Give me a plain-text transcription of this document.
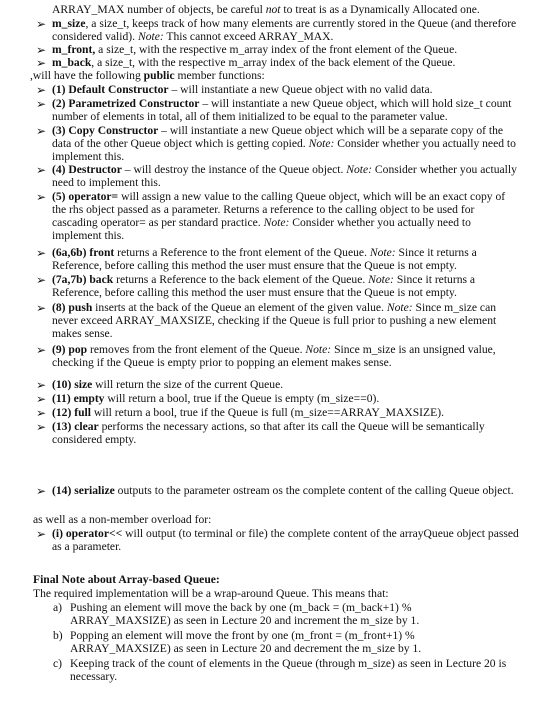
ARRAY_MAX number of objects, be careful not to treat is as a Dynamically Allocated one.
➢ m_size, a size_t, keeps track of how many elements are currently stored in the Queue (and therefore considered valid). Note: This cannot exceed ARRAY_MAX.
➢ m_front, a size_t, with the respective m_array index of the front element of the Queue.
➢ m_back, a size_t, with the respective m_array index of the back element of the Queue.
,will have the following public member functions:
➢ (1) Default Constructor – will instantiate a new Queue object with no valid data.
➢ (2) Parametrized Constructor – will instantiate a new Queue object, which will hold size_t count number of elements in total, all of them initialized to be equal to the parameter value.
➢ (3) Copy Constructor – will instantiate a new Queue object which will be a separate copy of the data of the other Queue object which is getting copied. Note: Consider whether you actually need to implement this.
➢ (4) Destructor – will destroy the instance of the Queue object. Note: Consider whether you actually need to implement this.
➢ (5) operator= will assign a new value to the calling Queue object, which will be an exact copy of the rhs object passed as a parameter. Returns a reference to the calling object to be used for cascading operator= as per standard practice. Note: Consider whether you actually need to implement this.
➢ (6a,6b) front returns a Reference to the front element of the Queue. Note: Since it returns a Reference, before calling this method the user must ensure that the Queue is not empty.
➢ (7a,7b) back returns a Reference to the back element of the Queue. Note: Since it returns a Reference, before calling this method the user must ensure that the Queue is not empty.
➢ (8) push inserts at the back of the Queue an element of the given value. Note: Since m_size can never exceed ARRAY_MAXSIZE, checking if the Queue is full prior to pushing a new element makes sense.
➢ (9) pop removes from the front element of the Queue. Note: Since m_size is an unsigned value, checking if the Queue is empty prior to popping an element makes sense.
➢ (10) size will return the size of the current Queue.
➢ (11) empty will return a bool, true if the Queue is empty (m_size==0).
➢ (12) full will return a bool, true if the Queue is full (m_size==ARRAY_MAXSIZE).
➢ (13) clear performs the necessary actions, so that after its call the Queue will be semantically considered empty.
➢ (14) serialize outputs to the parameter ostream os the complete content of the calling Queue object.
as well as a non-member overload for:
➢ (i) operator<< will output (to terminal or file) the complete content of the arrayQueue object passed as a parameter.
Final Note about Array-based Queue:
The required implementation will be a wrap-around Queue. This means that:
a) Pushing an element will move the back by one (m_back = (m_back+1) % ARRAY_MAXSIZE) as seen in Lecture 20 and increment the m_size by 1.
b) Popping an element will move the front by one (m_front = (m_front+1) % ARRAY_MAXSIZE) as seen in Lecture 20 and decrement the m_size by 1.
c) Keeping track of the count of elements in the Queue (through m_size) as seen in Lecture 20 is necessary.
